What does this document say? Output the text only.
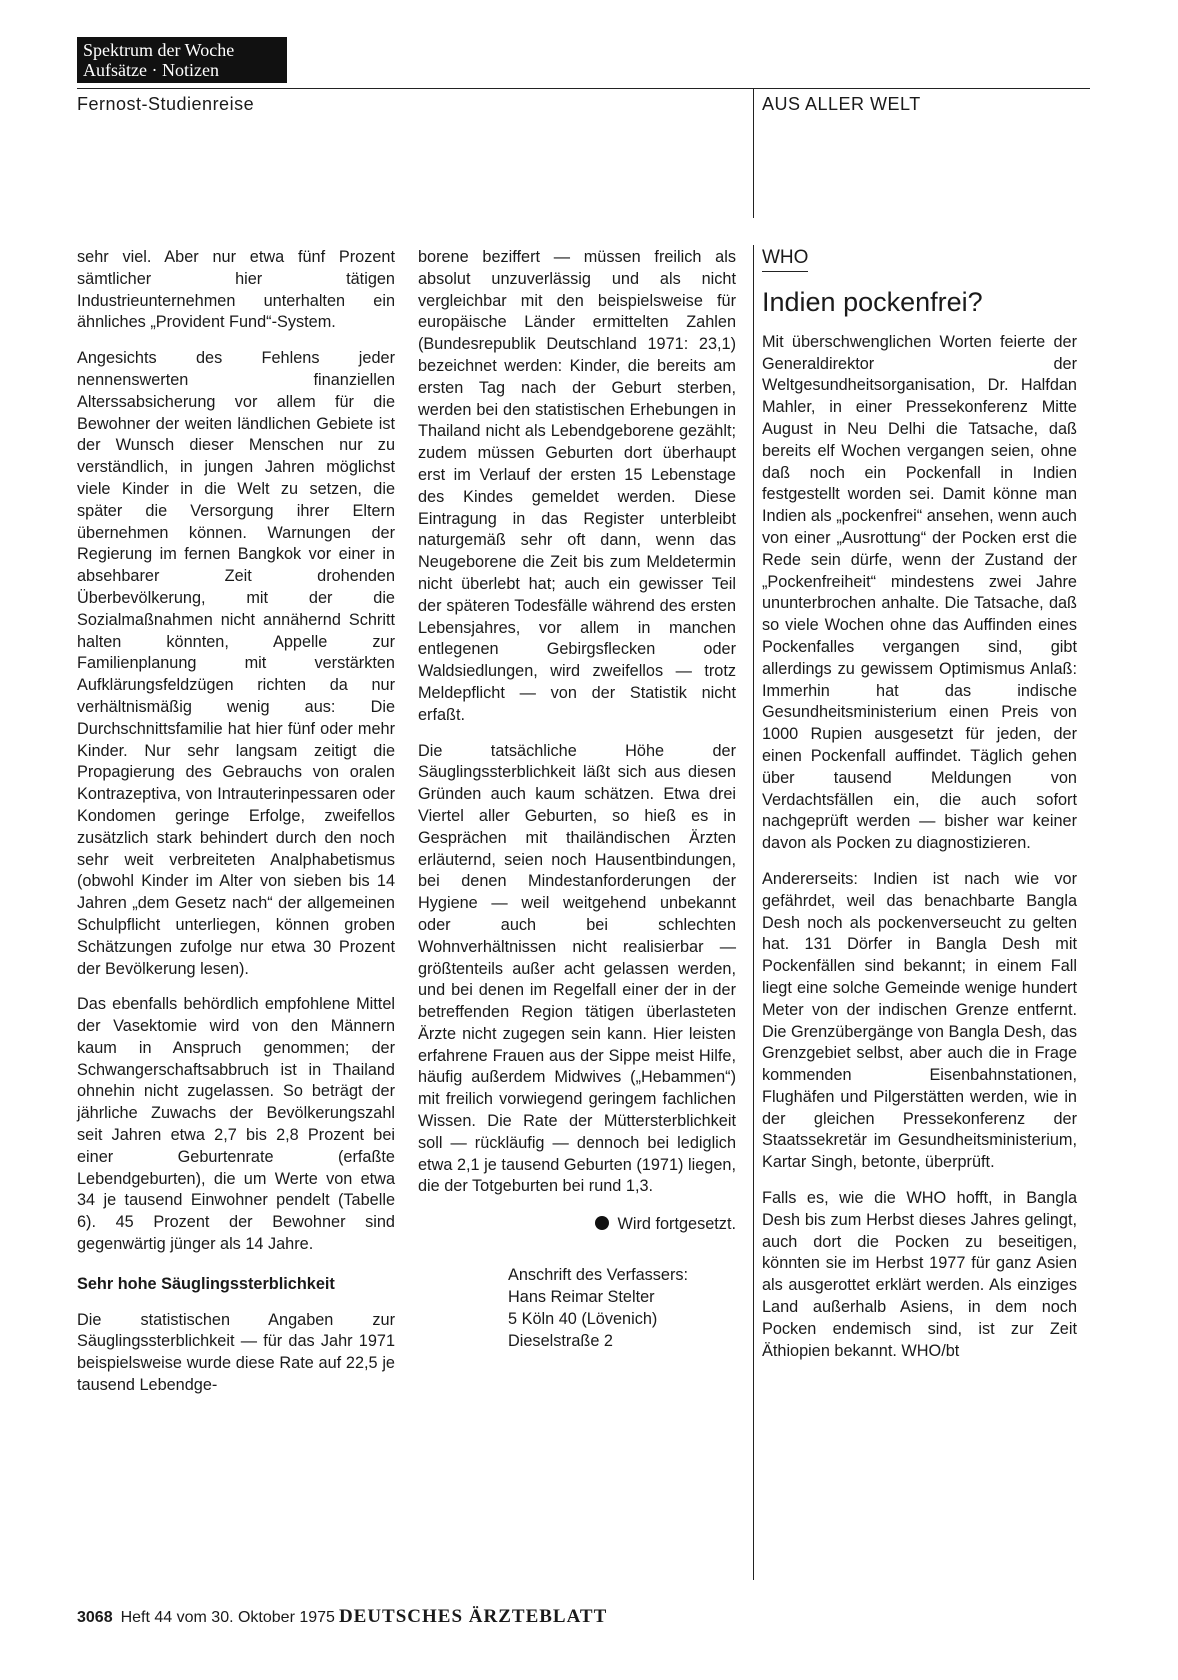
Spektrum der Woche
Aufsätze · Notizen
Fernost-Studienreise	AUS ALLER WELT

sehr viel. Aber nur etwa fünf Prozent sämtlicher hier tätigen Industrieunternehmen unterhalten ein ähnliches „Provident Fund“-System.

Angesichts des Fehlens jeder nennenswerten finanziellen Alterssabsicherung vor allem für die Bewohner der weiten ländlichen Gebiete ist der Wunsch dieser Menschen nur zu verständlich, in jungen Jahren möglichst viele Kinder in die Welt zu setzen, die später die Versorgung ihrer Eltern übernehmen können. Warnungen der Regierung im fernen Bangkok vor einer in absehbarer Zeit drohenden Überbevölkerung, mit der die Sozialmaßnahmen nicht annähernd Schritt halten könnten, Appelle zur Familienplanung mit verstärkten Aufklärungsfeldzügen richten da nur verhältnismäßig wenig aus: Die Durchschnittsfamilie hat hier fünf oder mehr Kinder. Nur sehr langsam zeitigt die Propagierung des Gebrauchs von oralen Kontrazeptiva, von Intrauterinpessaren oder Kondomen geringe Erfolge, zweifellos zusätzlich stark behindert durch den noch sehr weit verbreiteten Analphabetismus (obwohl Kinder im Alter von sieben bis 14 Jahren „dem Gesetz nach“ der allgemeinen Schulpflicht unterliegen, können groben Schätzungen zufolge nur etwa 30 Prozent der Bevölkerung lesen).

Das ebenfalls behördlich empfohlene Mittel der Vasektomie wird von den Männern kaum in Anspruch genommen; der Schwangerschaftsabbruch ist in Thailand ohnehin nicht zugelassen. So beträgt der jährliche Zuwachs der Bevölkerungszahl seit Jahren etwa 2,7 bis 2,8 Prozent bei einer Geburtenrate (erfaßte Lebendgeburten), die um Werte von etwa 34 je tausend Einwohner pendelt (Tabelle 6). 45 Prozent der Bewohner sind gegenwärtig jünger als 14 Jahre.

Sehr hohe Säuglingssterblichkeit

Die statistischen Angaben zur Säuglingssterblichkeit — für das Jahr 1971 beispielsweise wurde diese Rate auf 22,5 je tausend Lebendge-

borene beziffert — müssen freilich als absolut unzuverlässig und als nicht vergleichbar mit den beispielsweise für europäische Länder ermittelten Zahlen (Bundesrepublik Deutschland 1971: 23,1) bezeichnet werden: Kinder, die bereits am ersten Tag nach der Geburt sterben, werden bei den statistischen Erhebungen in Thailand nicht als Lebendgeborene gezählt; zudem müssen Geburten dort überhaupt erst im Verlauf der ersten 15 Lebenstage des Kindes gemeldet werden. Diese Eintragung in das Register unterbleibt naturgemäß sehr oft dann, wenn das Neugeborene die Zeit bis zum Meldetermin nicht überlebt hat; auch ein gewisser Teil der späteren Todesfälle während des ersten Lebensjahres, vor allem in manchen entlegenen Gebirgsflecken oder Waldsiedlungen, wird zweifellos — trotz Meldepflicht — von der Statistik nicht erfaßt.

Die tatsächliche Höhe der Säuglingssterblichkeit läßt sich aus diesen Gründen auch kaum schätzen. Etwa drei Viertel aller Geburten, so hieß es in Gesprächen mit thailändischen Ärzten erläuternd, seien noch Hausentbindungen, bei denen Mindestanforderungen der Hygiene — weil weitgehend unbekannt oder auch bei schlechten Wohnverhältnissen nicht realisierbar — größtenteils außer acht gelassen werden, und bei denen im Regelfall einer der in der betreffenden Region tätigen überlasteten Ärzte nicht zugegen sein kann. Hier leisten erfahrene Frauen aus der Sippe meist Hilfe, häufig außerdem Midwives („Hebammen“) mit freilich vorwiegend geringem fachlichen Wissen. Die Rate der Müttersterblichkeit soll — rückläufig — dennoch bei lediglich etwa 2,1 je tausend Geburten (1971) liegen, die der Totgeburten bei rund 1,3.

Wird fortgesetzt.
Anschrift des Verfassers:
Hans Reimar Stelter
5 Köln 40 (Lövenich)
Dieselstraße 2
WHO
Indien pockenfrei?

Mit überschwenglichen Worten feierte der Generaldirektor der Weltgesundheitsorganisation, Dr. Halfdan Mahler, in einer Pressekonferenz Mitte August in Neu Delhi die Tatsache, daß bereits elf Wochen vergangen seien, ohne daß noch ein Pockenfall in Indien festgestellt worden sei. Damit könne man Indien als „pockenfrei“ ansehen, wenn auch von einer „Ausrottung“ der Pocken erst die Rede sein dürfe, wenn der Zustand der „Pockenfreiheit“ mindestens zwei Jahre ununterbrochen anhalte. Die Tatsache, daß so viele Wochen ohne das Auffinden eines Pockenfalles vergangen sind, gibt allerdings zu gewissem Optimismus Anlaß: Immerhin hat das indische Gesundheitsministerium einen Preis von 1000 Rupien ausgesetzt für jeden, der einen Pockenfall auffindet. Täglich gehen über tausend Meldungen von Verdachtsfällen ein, die auch sofort nachgeprüft werden — bisher war keiner davon als Pocken zu diagnostizieren.

Andererseits: Indien ist nach wie vor gefährdet, weil das benachbarte Bangla Desh noch als pockenverseucht zu gelten hat. 131 Dörfer in Bangla Desh mit Pockenfällen sind bekannt; in einem Fall liegt eine solche Gemeinde wenige hundert Meter von der indischen Grenze entfernt. Die Grenzübergänge von Bangla Desh, das Grenzgebiet selbst, aber auch die in Frage kommenden Eisenbahnstationen, Flughäfen und Pilgerstätten werden, wie in der gleichen Pressekonferenz der Staatssekretär im Gesundheitsministerium, Kartar Singh, betonte, überprüft.

Falls es, wie die WHO hofft, in Bangla Desh bis zum Herbst dieses Jahres gelingt, auch dort die Pocken zu beseitigen, könnten sie im Herbst 1977 für ganz Asien als ausgerottet erklärt werden. Als einziges Land außerhalb Asiens, in dem noch Pocken endemisch sind, ist zur Zeit Äthiopien bekannt. WHO/bt

3068 Heft 44 vom 30. Oktober 1975 DEUTSCHES ÄRZTEBLATT
